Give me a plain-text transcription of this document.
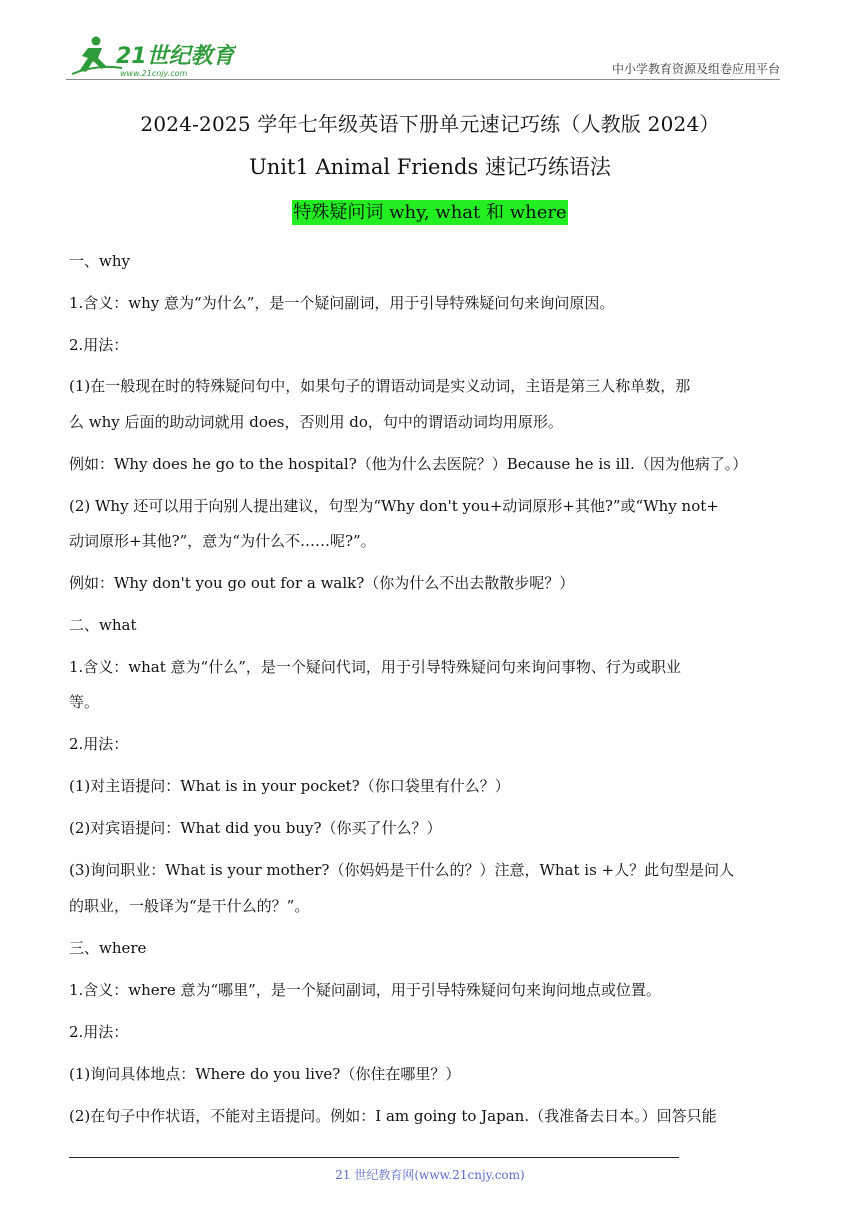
21世纪教育
www.21cnjy.com	中小学教育资源及组卷应用平台
2024-2025 学年七年级英语下册单元速记巧练（人教版 2024）
Unit1 Animal Friends 速记巧练语法
特殊疑问词 why, what 和 where
一、why
1.含义：why 意为“为什么”，是一个疑问副词，用于引导特殊疑问句来询问原因。
2.用法：
(1)在一般现在时的特殊疑问句中，如果句子的谓语动词是实义动词，主语是第三人称单数，那
么 why 后面的助动词就用 does，否则用 do，句中的谓语动词均用原形。
例如：Why does he go to the hospital?（他为什么去医院？）Because he is ill.（因为他病了。）
(2) Why 还可以用于向别人提出建议，句型为“Why don't you+动词原形+其他?”或“Why not+
动词原形+其他?”，意为“为什么不……呢?”。
例如：Why don't you go out for a walk?（你为什么不出去散散步呢？）
二、what
1.含义：what 意为“什么”，是一个疑问代词，用于引导特殊疑问句来询问事物、行为或职业
等。
2.用法：
(1)对主语提问：What is in your pocket?（你口袋里有什么？）
(2)对宾语提问：What did you buy?（你买了什么？）
(3)询问职业：What is your mother?（你妈妈是干什么的？）注意，What is +人？此句型是问人
的职业，一般译为“是干什么的？”。
三、where
1.含义：where 意为“哪里”，是一个疑问副词，用于引导特殊疑问句来询问地点或位置。
2.用法：
(1)询问具体地点：Where do you live?（你住在哪里？）
(2)在句子中作状语，不能对主语提问。例如：I am going to Japan.（我准备去日本。）回答只能
21 世纪教育网(www.21cnjy.com)
